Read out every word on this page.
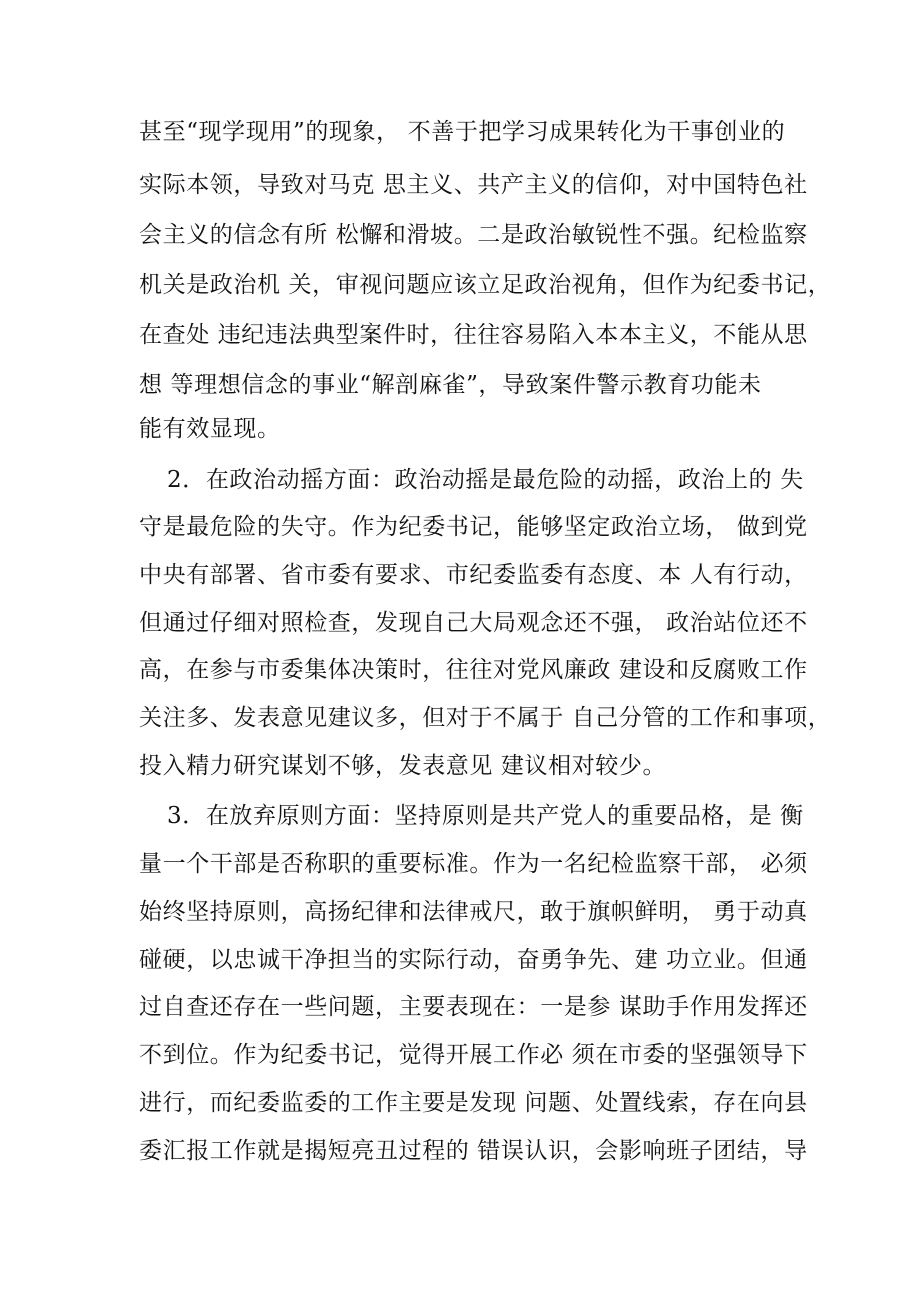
甚至“现学现用”的现象， 不善于把学习成果转化为干事创业的
实际本领，导致对马克 思主义、共产主义的信仰，对中国特色社
会主义的信念有所 松懈和滑坡。二是政治敏锐性不强。纪检监察
机关是政治机 关，审视问题应该立足政治视角，但作为纪委书记，
在查处 违纪违法典型案件时，往往容易陷入本本主义，不能从思
想 等理想信念的事业“解剖麻雀”，导致案件警示教育功能未
能有效显现。
2．在政治动摇方面：政治动摇是最危险的动摇，政治上的 失
守是最危险的失守。作为纪委书记，能够坚定政治立场， 做到党
中央有部署、省市委有要求、市纪委监委有态度、本 人有行动，
但通过仔细对照检查，发现自己大局观念还不强， 政治站位还不
高，在参与市委集体决策时，往往对党风廉政 建设和反腐败工作
关注多、发表意见建议多，但对于不属于 自己分管的工作和事项，
投入精力研究谋划不够，发表意见 建议相对较少。
3．在放弃原则方面：坚持原则是共产党人的重要品格，是 衡
量一个干部是否称职的重要标准。作为一名纪检监察干部， 必须
始终坚持原则，高扬纪律和法律戒尺，敢于旗帜鲜明， 勇于动真
碰硬，以忠诚干净担当的实际行动，奋勇争先、建 功立业。但通
过自查还存在一些问题，主要表现在：一是参 谋助手作用发挥还
不到位。作为纪委书记，觉得开展工作必 须在市委的坚强领导下
进行，而纪委监委的工作主要是发现 问题、处置线索，存在向县
委汇报工作就是揭短亮丑过程的 错误认识，会影响班子团结，导
